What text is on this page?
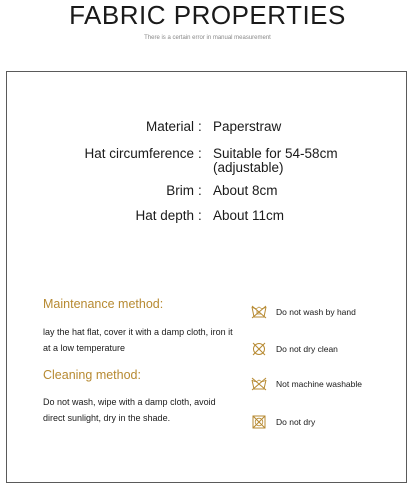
FABRIC PROPERTIES
There is a certain error in manual measurement
Material : Paperstraw
Hat circumference : Suitable for 54-58cm
(adjustable)
Brim : About 8cm
Hat depth : About 11cm
Maintenance method:
lay the hat flat, cover it with a damp cloth, iron it at a low temperature
Cleaning method:
Do not wash, wipe with a damp cloth, avoid direct sunlight, dry in the shade.
Do not wash by hand
Do not dry clean
Not machine washable
Do not dry
